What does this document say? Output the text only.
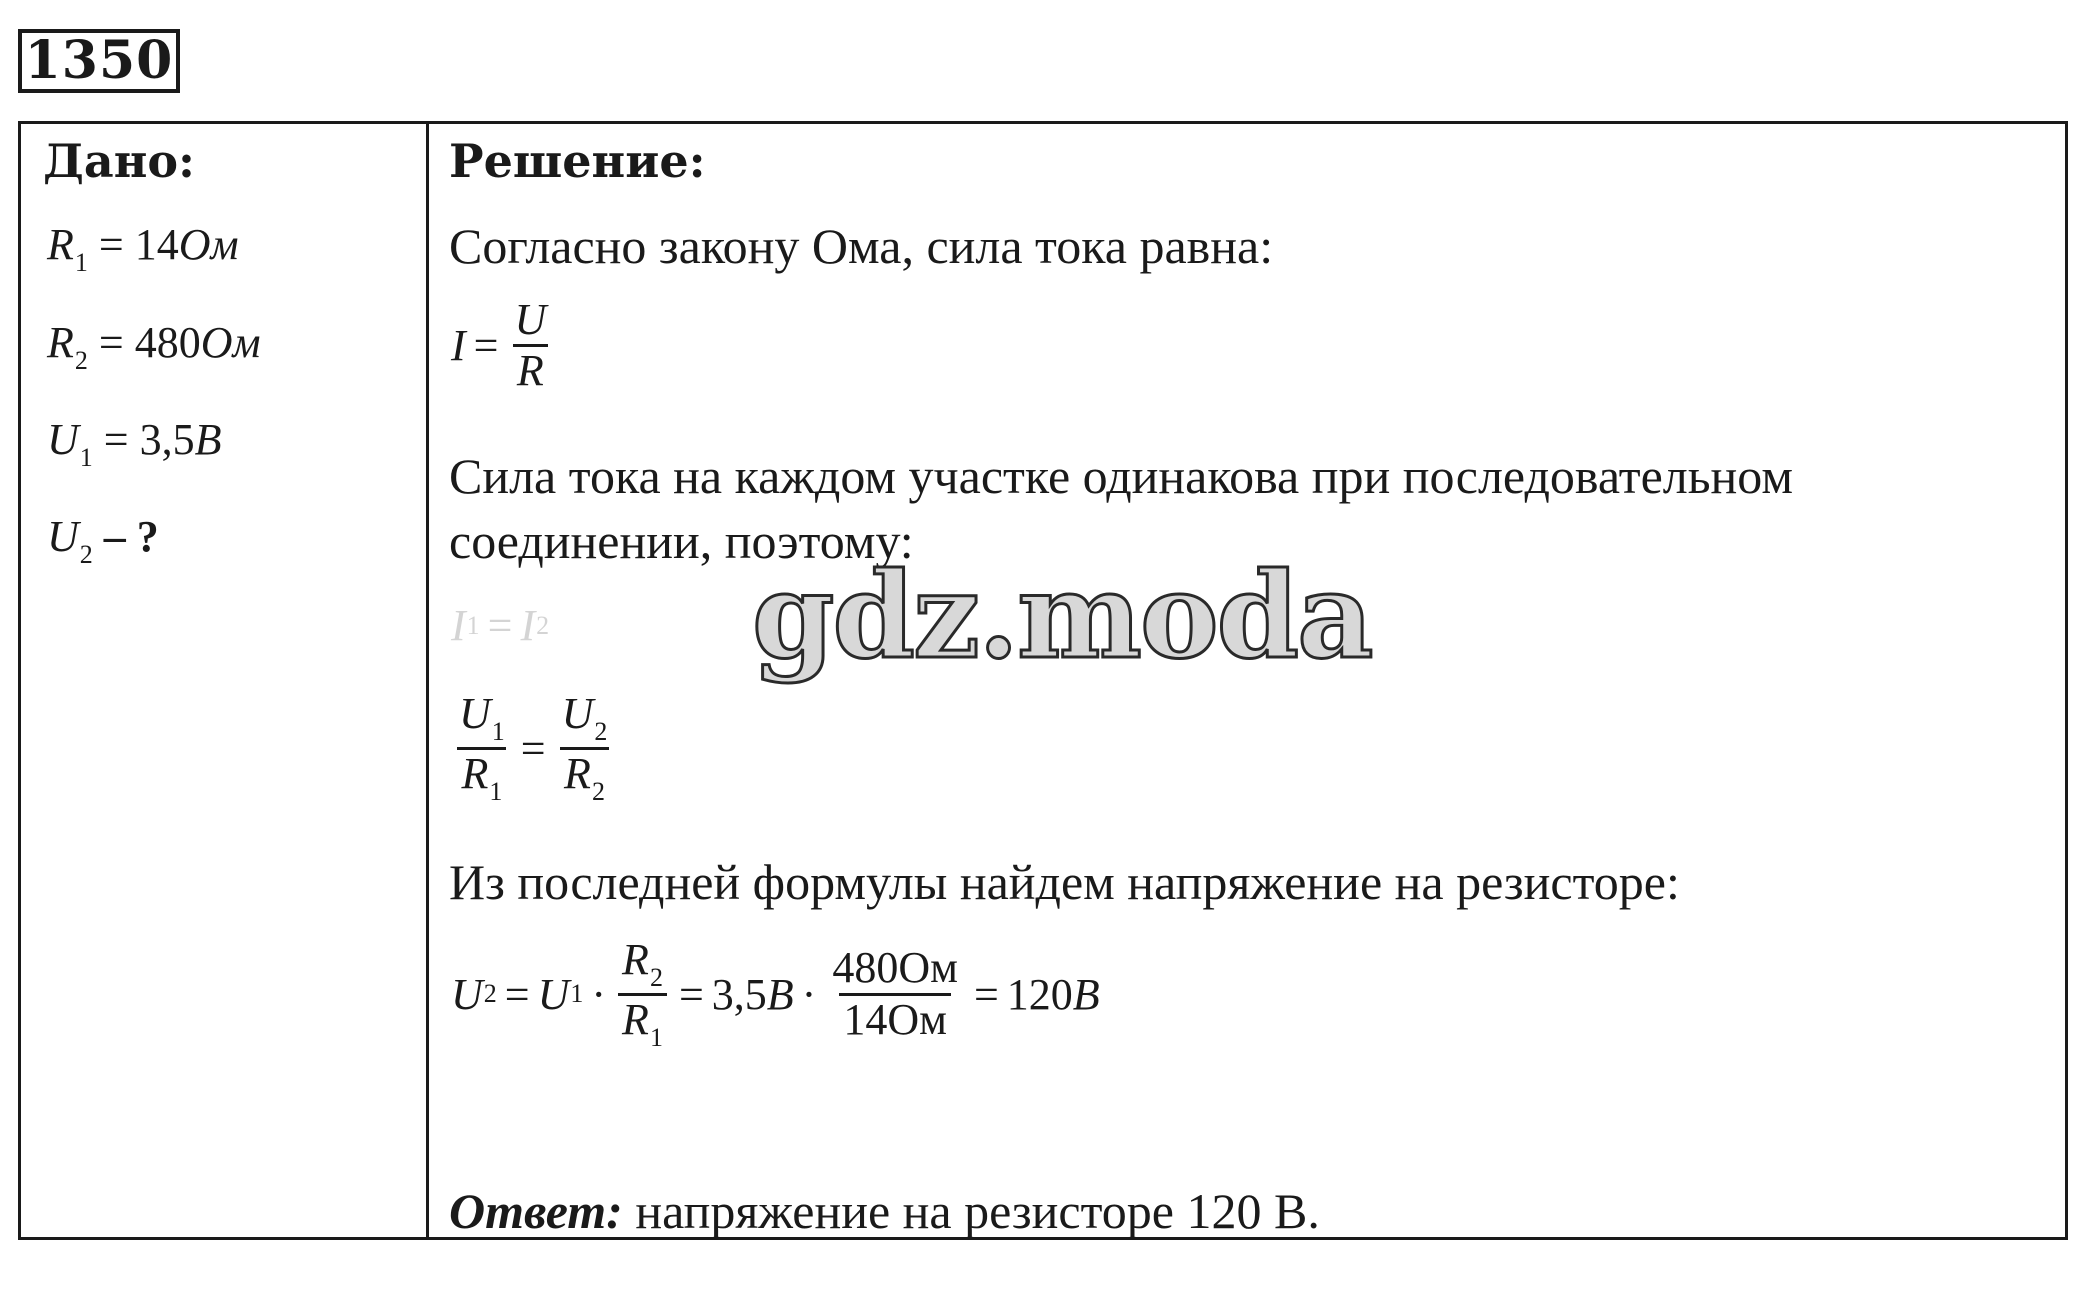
1350
Дано:
$R_1 = 14Ом$
$R_2 = 480Ом$
$U_1 = 3,5В$
$U_2$ – ?
Решение:
Согласно закону Ома, сила тока равна:
$I = \frac{U}{R}$
Сила тока на каждом участке одинакова при последовательном
соединении, поэтому:
I 1 = I 2
$\frac{U_1}{R_1} = \frac{U_2}{R_2}$
Из последней формулы найдем напряжение на резисторе:
U 2 = U $1 \cdot \frac{R_2}{R_1} = 3,5$ $B \cdot \frac{480Ом}{14Ом} = 120$ B
Ответ: напряжение на резисторе 120 В.
gdz.moda
